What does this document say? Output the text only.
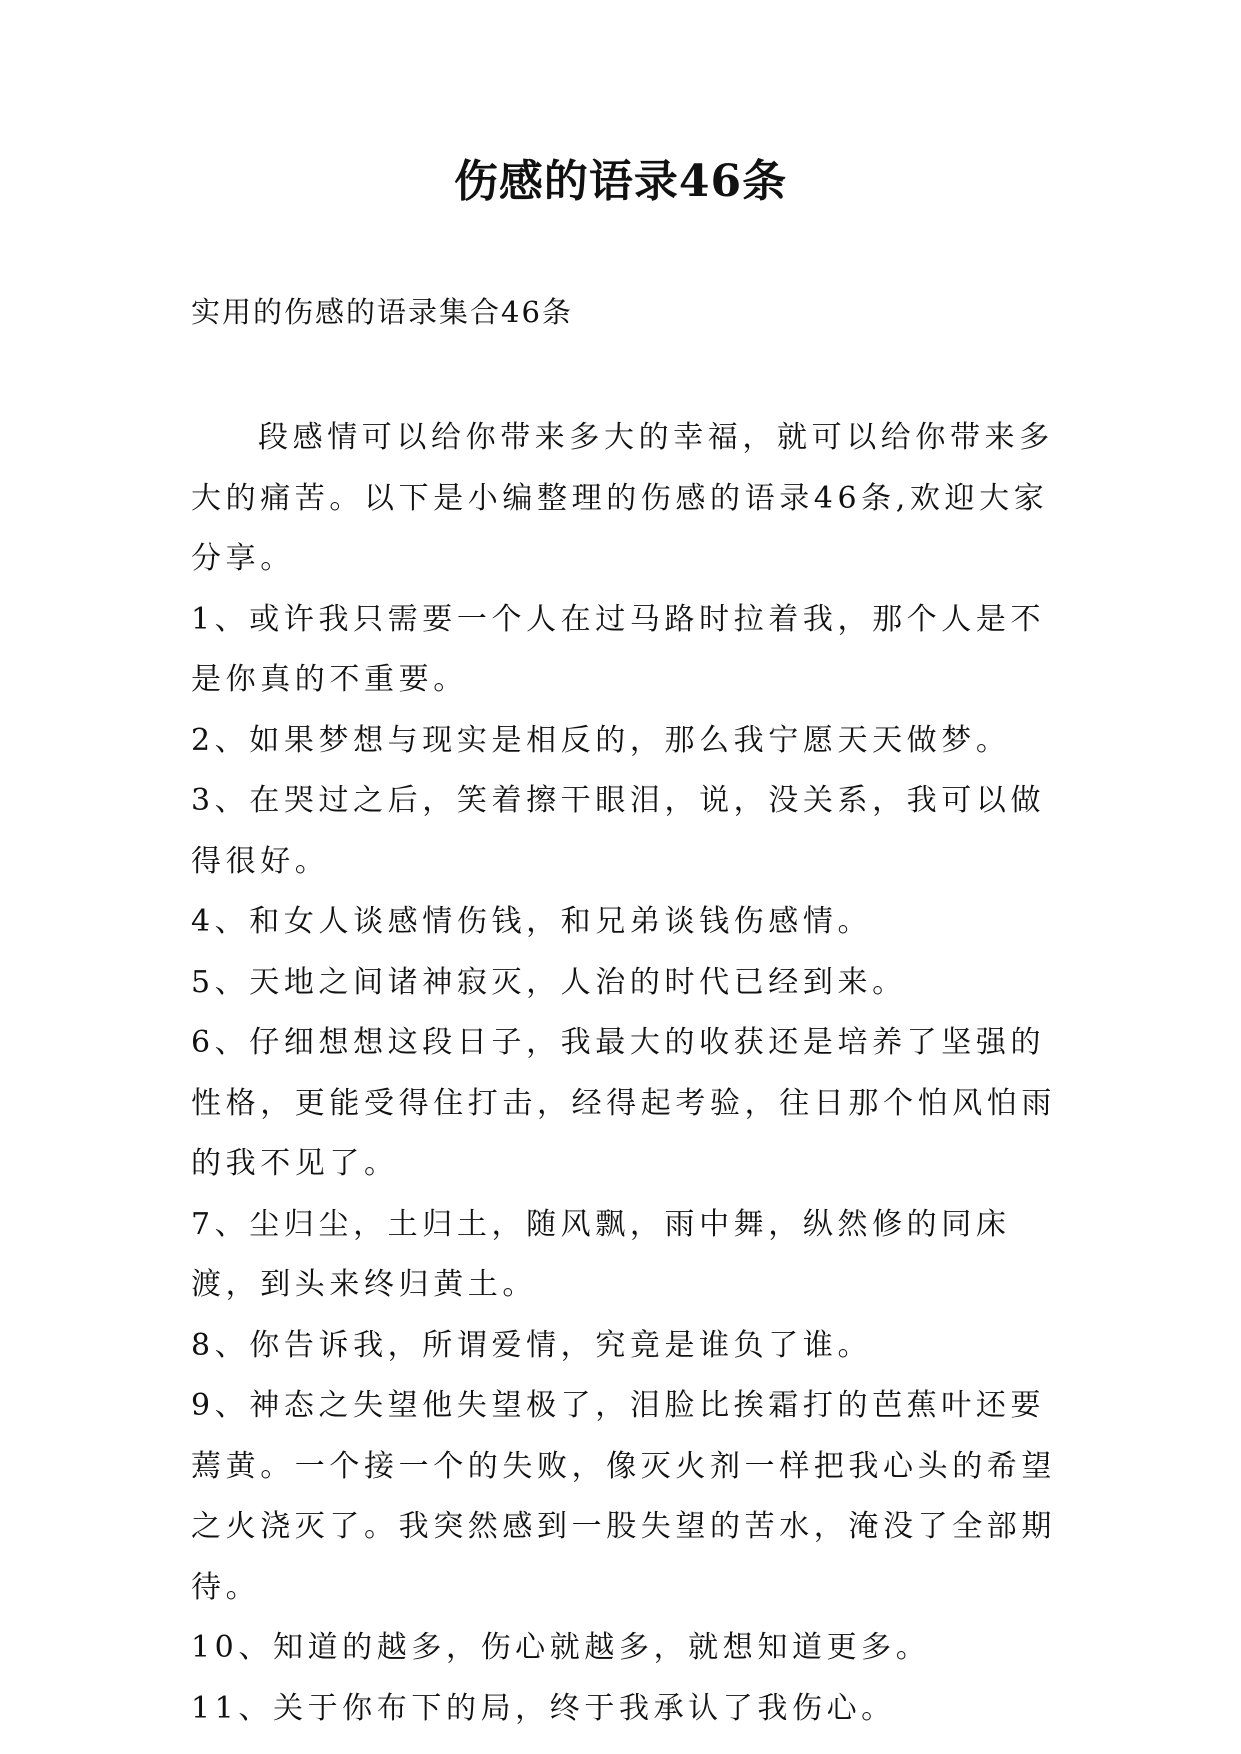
伤感的语录46条
实用的伤感的语录集合46条

段感情可以给你带来多大的幸福，就可以给你带来多大的痛苦。以下是小编整理的伤感的语录46条,欢迎大家分享。

1、或许我只需要一个人在过马路时拉着我，那个人是不是你真的不重要。

2、如果梦想与现实是相反的，那么我宁愿天天做梦。

3、在哭过之后，笑着擦干眼泪，说，没关系，我可以做得很好。

4、和女人谈感情伤钱，和兄弟谈钱伤感情。

5、天地之间诸神寂灭，人治的时代已经到来。

6、仔细想想这段日子，我最大的收获还是培养了坚强的性格，更能受得住打击，经得起考验，往日那个怕风怕雨的我不见了。

7、尘归尘，土归土，随风飘，雨中舞，纵然修的同床渡，到头来终归黄土。

8、你告诉我，所谓爱情，究竟是谁负了谁。

9、神态之失望他失望极了，泪脸比挨霜打的芭蕉叶还要蔫黄。一个接一个的失败，像灭火剂一样把我心头的希望之火浇灭了。我突然感到一股失望的苦水，淹没了全部期待。

10、知道的越多，伤心就越多，就想知道更多。

11、关于你布下的局，终于我承认了我伤心。
